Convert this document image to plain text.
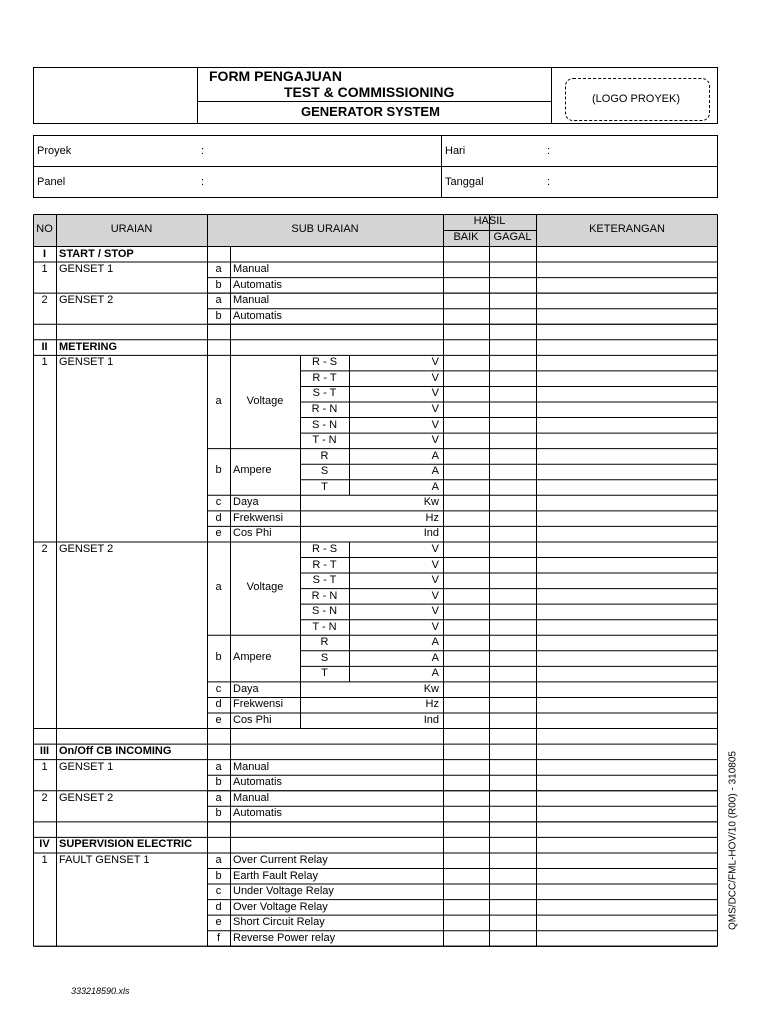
FORM PENGAJUAN
TEST & COMMISSIONING
GENERATOR SYSTEM
(LOGO PROYEK)
Proyek	:
Panel	:
Hari	:
Tanggal	:
NO	URAIAN	SUB URAIAN
HASIL
BAIK	GAGAL
KETERANGAN
I	START / STOP
1	GENSET 1	a	Manual
b	Automatis
2	GENSET 2	a	Manual
b	Automatis
II	METERING
1	GENSET 1	R - S	V
R - T	V
S - T	V
R - N	V
S - N	V
T - N	V
a	Voltage
R	A
S	A
T	A
b	Ampere
c	Daya	Kw
d	Frekwensi	Hz
e	Cos Phi	Ind
2	GENSET 2	R - S	V
R - T	V
S - T	V
R - N	V
S - N	V
T - N	V
a	Voltage
R	A
S	A
T	A
b	Ampere
c	Daya	Kw
d	Frekwensi	Hz
e	Cos Phi	Ind
III On/Off CB INCOMING
1	GENSET 1	a	Manual
b	Automatis
2	GENSET 2	a	Manual
b	Automatis
IV SUPERVISION ELECTRIC
1	FAULT GENSET 1	a	Over Current Relay
b	Earth Fault Relay
c	Under Voltage Relay
d	Over Voltage Relay
e	Short Circuit Relay
f	Reverse Power relay
333218590.xls
QMS/DCC/FML-HOV/10 (R00) - 310805
